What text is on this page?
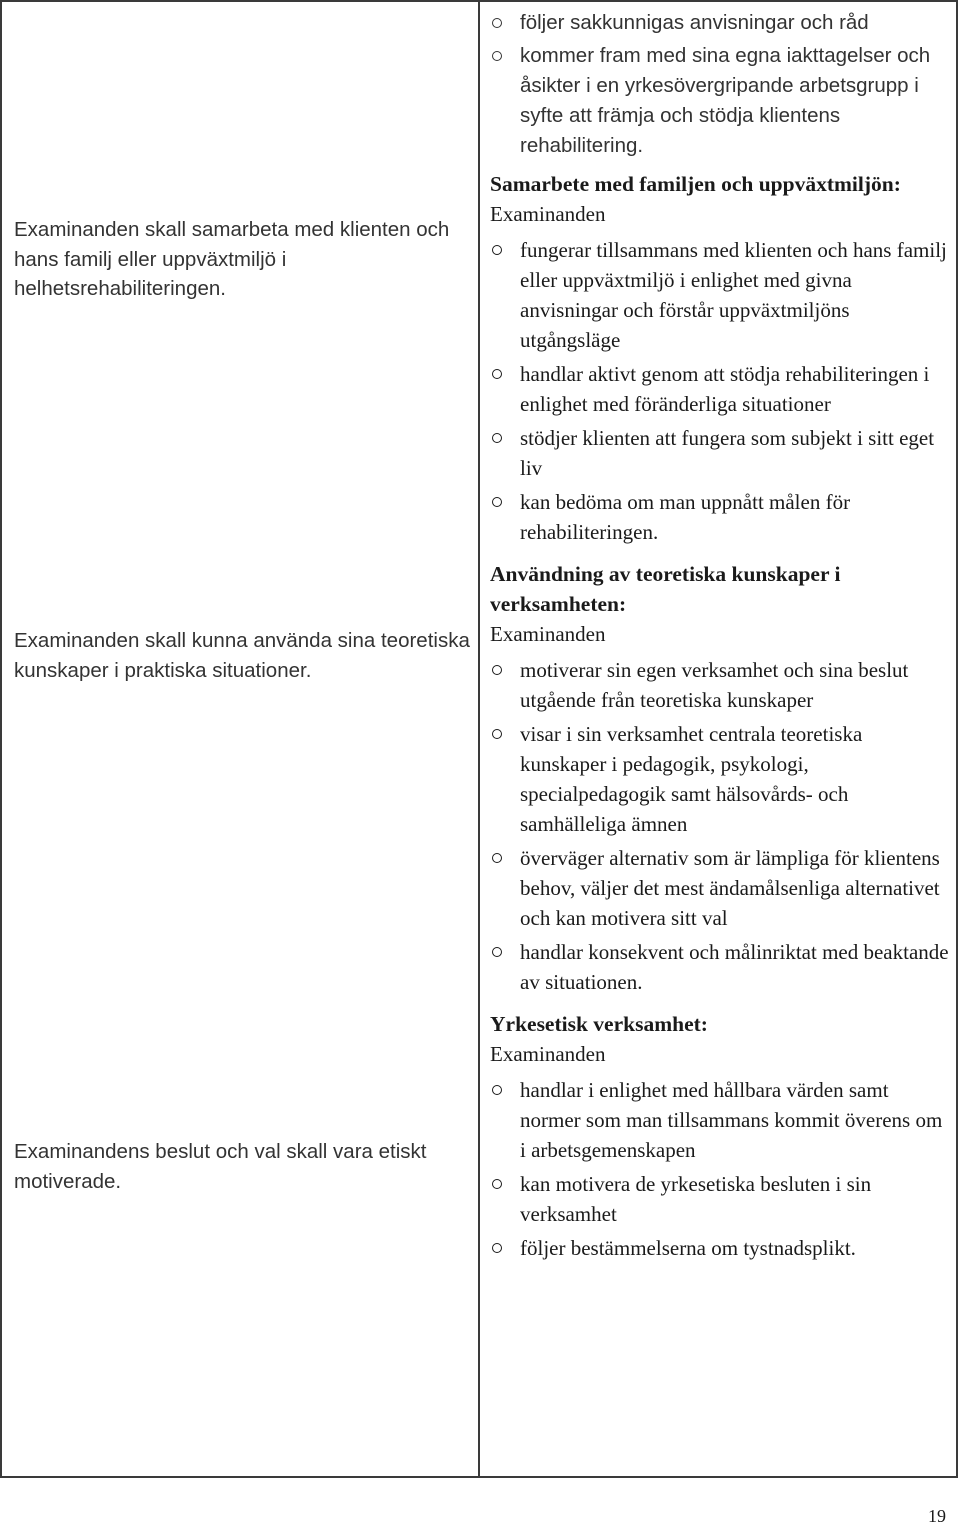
Examinanden skall samarbeta med klienten och hans familj eller uppväxtmiljö i helhetsrehabiliteringen.

Examinanden skall kunna använda sina teoretiska kunskaper i praktiska situationer.

Examinandens beslut och val skall vara etiskt motiverade.

följer sakkunnigas anvisningar och råd
kommer fram med sina egna iakttagelser och åsikter i en yrkesövergripande arbetsgrupp i syfte att främja och stödja klientens rehabilitering.

Samarbete med familjen och uppväxtmiljön:

Examinanden

fungerar tillsammans med klienten och hans familj eller uppväxtmiljö i enlighet med givna anvisningar och förstår uppväxtmiljöns utgångsläge
handlar aktivt genom att stödja rehabiliteringen i enlighet med föränderliga situationer
stödjer klienten att fungera som subjekt i sitt eget liv
kan bedöma om man uppnått målen för rehabiliteringen.

Användning av teoretiska kunskaper i verksamheten:

Examinanden

motiverar sin egen verksamhet och sina beslut utgående från teoretiska kunskaper
visar i sin verksamhet centrala teoretiska kunskaper i pedagogik, psykologi, specialpedagogik samt hälsovårds- och samhälleliga ämnen
överväger alternativ som är lämpliga för klientens behov, väljer det mest ändamålsenliga alternativet och kan motivera sitt val
handlar konsekvent och målinriktat med beaktande av situationen.

Yrkesetisk verksamhet:

Examinanden

handlar i enlighet med hållbara värden samt normer som man tillsammans kommit överens om i arbetsgemenskapen
kan motivera de yrkesetiska besluten i sin verksamhet
följer bestämmelserna om tystnadsplikt.
19
